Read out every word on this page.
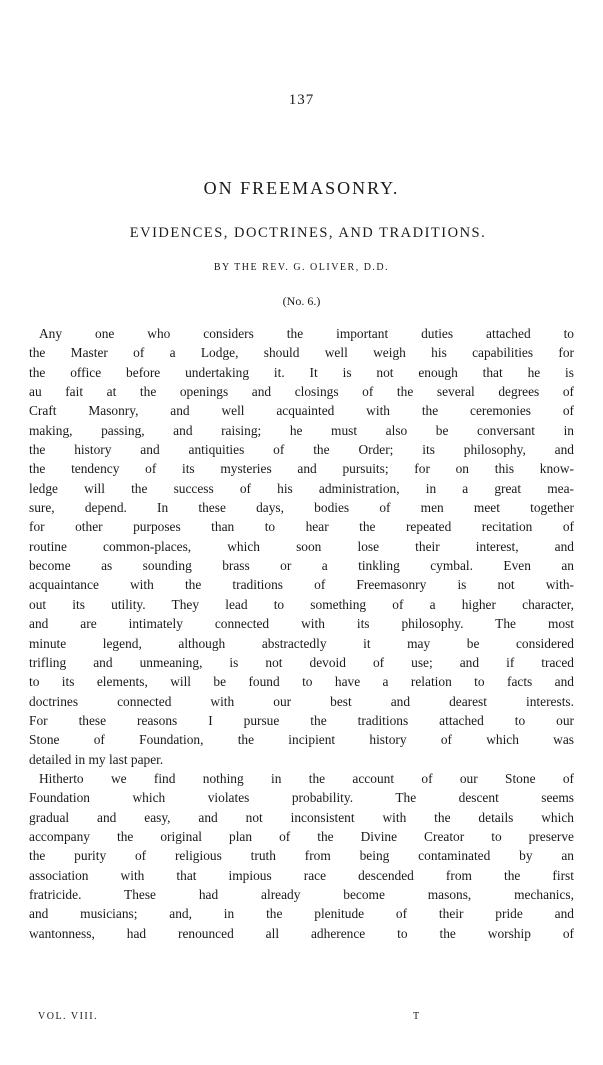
137
ON FREEMASONRY.
EVIDENCES, DOCTRINES, AND TRADITIONS.
BY THE REV. G. OLIVER, D.D.
(No. 6.)
Any one who considers the important duties attached to
the Master of a Lodge, should well weigh his capabilities for
the office before undertaking it. It is not enough that he is
au fait at the openings and closings of the several degrees of
Craft Masonry, and well acquainted with the ceremonies of
making, passing, and raising; he must also be conversant in
the history and antiquities of the Order; its philosophy, and
the tendency of its mysteries and pursuits; for on this know-
ledge will the success of his administration, in a great mea-
sure, depend. In these days, bodies of men meet together
for other purposes than to hear the repeated recitation of
routine common-places, which soon lose their interest, and
become as sounding brass or a tinkling cymbal. Even an
acquaintance with the traditions of Freemasonry is not with-
out its utility. They lead to something of a higher character,
and are intimately connected with its philosophy. The most
minute legend, although abstractedly it may be considered
trifling and unmeaning, is not devoid of use; and if traced
to its elements, will be found to have a relation to facts and
doctrines connected with our best and dearest interests.
For these reasons I pursue the traditions attached to our
Stone of Foundation, the incipient history of which was
detailed in my last paper.
Hitherto we find nothing in the account of our Stone of
Foundation which violates probability. The descent seems
gradual and easy, and not inconsistent with the details which
accompany the original plan of the Divine Creator to preserve
the purity of religious truth from being contaminated by an
association with that impious race descended from the first
fratricide. These had already become masons, mechanics,
and musicians; and, in the plenitude of their pride and
wantonness, had renounced all adherence to the worship of
VOL. VIII.	T
